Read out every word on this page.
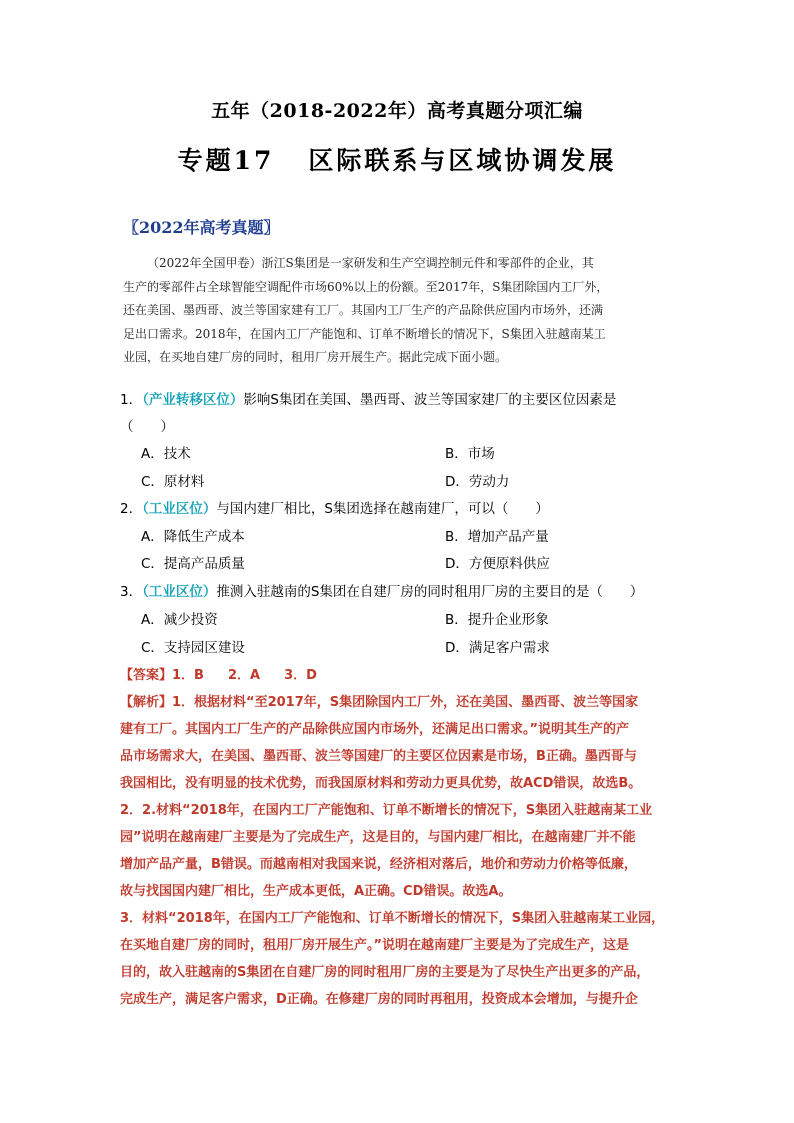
五年（2018-2022年）高考真题分项汇编
专题17 区际联系与区域协调发展
〖2022年高考真题〗
（2022年全国甲卷）浙江S集团是一家研发和生产空调控制元件和零部件的企业，其
生产的零部件占全球智能空调配件市场60%以上的份额。至2017年，S集团除国内工厂外，
还在美国、墨西哥、波兰等国家建有工厂。其国内工厂生产的产品除供应国内市场外，还满
足出口需求。2018年，在国内工厂产能饱和、订单不断增长的情况下，S集团入驻越南某工
业园，在买地自建厂房的同时，租用厂房开展生产。据此完成下面小题。
1．（产业转移区位）影响S集团在美国、墨西哥、波兰等国家建厂的主要区位因素是
（　　）
A．技术	B．市场
C．原材料	D．劳动力
2．（工业区位）与国内建厂相比，S集团选择在越南建厂，可以（　　）
A．降低生产成本	B．增加产品产量
C．提高产品质量	D．方便原料供应
3．（工业区位）推测入驻越南的S集团在自建厂房的同时租用厂房的主要目的是（　　）
A．减少投资	B．提升企业形象
C．支持园区建设	D．满足客户需求
【答案】1．B 2．A 3．D
【解析】1．根据材料“至2017年，S集团除国内工厂外，还在美国、墨西哥、波兰等国家
建有工厂。其国内工厂生产的产品除供应国内市场外，还满足出口需求。”说明其生产的产
品市场需求大，在美国、墨西哥、波兰等国建厂的主要区位因素是市场，B正确。墨西哥与
我国相比，没有明显的技术优势，而我国原材料和劳动力更具优势，故ACD错误，故选B。
2．2.材料“2018年，在国内工厂产能饱和、订单不断增长的情况下，S集团入驻越南某工业
园”说明在越南建厂主要是为了完成生产，这是目的，与国内建厂相比，在越南建厂并不能
增加产品产量，B错误。而越南相对我国来说，经济相对落后，地价和劳动力价格等低廉，
故与找国国内建厂相比，生产成本更低，A正确。CD错误。故选A。
3．材料“2018年，在国内工厂产能饱和、订单不断增长的情况下，S集团入驻越南某工业园，
在买地自建厂房的同时，租用厂房开展生产。”说明在越南建厂主要是为了完成生产，这是
目的，故入驻越南的S集团在自建厂房的同时租用厂房的主要是为了尽快生产出更多的产品，
完成生产，满足客户需求，D正确。在修建厂房的同时再租用，投资成本会增加，与提升企
